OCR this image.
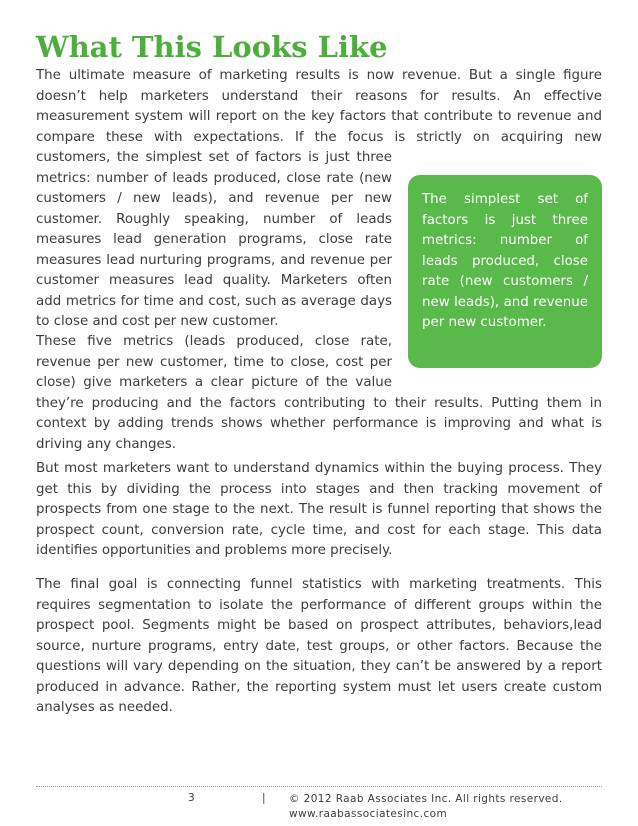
What This Looks Like
The ultimate measure of marketing results is now revenue. But a single figure doesn’t help marketers understand their reasons for results. An effective measurement system will report on the key factors that contribute to revenue and compare these with expectations. If the focus is strictly on acquiring new customers, the simplest set of factors is just three metrics: number of leads produced, close rate (new customers / new leads), and revenue per new customer. Roughly speaking, number of leads measures lead generation programs, close rate measures lead nurturing programs, and revenue per customer measures lead quality. Marketers often add metrics for time and cost, such as average days to close and cost per new customer.
These five metrics (leads produced, close rate, revenue per new customer, time to close, cost per close) give marketers a clear picture of the value they’re producing and the factors contributing to their results. Putting them in context by adding trends shows whether performance is improving and what is driving any changes.

But most marketers want to understand dynamics within the buying process. They get this by dividing the process into stages and then tracking movement of prospects from one stage to the next. The result is funnel reporting that shows the prospect count, conversion rate, cycle time, and cost for each stage. This data identifies opportunities and problems more precisely.

The final goal is connecting funnel statistics with marketing treatments. This requires segmentation to isolate the performance of different groups within the prospect pool. Segments might be based on prospect attributes, behaviors,lead source, nurture programs, entry date, test groups, or other factors. Because the questions will vary depending on the situation, they can’t be answered by a report produced in advance. Rather, the reporting system must let users create custom analyses as needed.

The simplest set of factors is just three metrics: number of leads produced, close rate (new customers / new leads), and revenue per new customer.

3	| © 2012 Raab Associates Inc. All rights reserved.
www.raabassociatesinc.com
